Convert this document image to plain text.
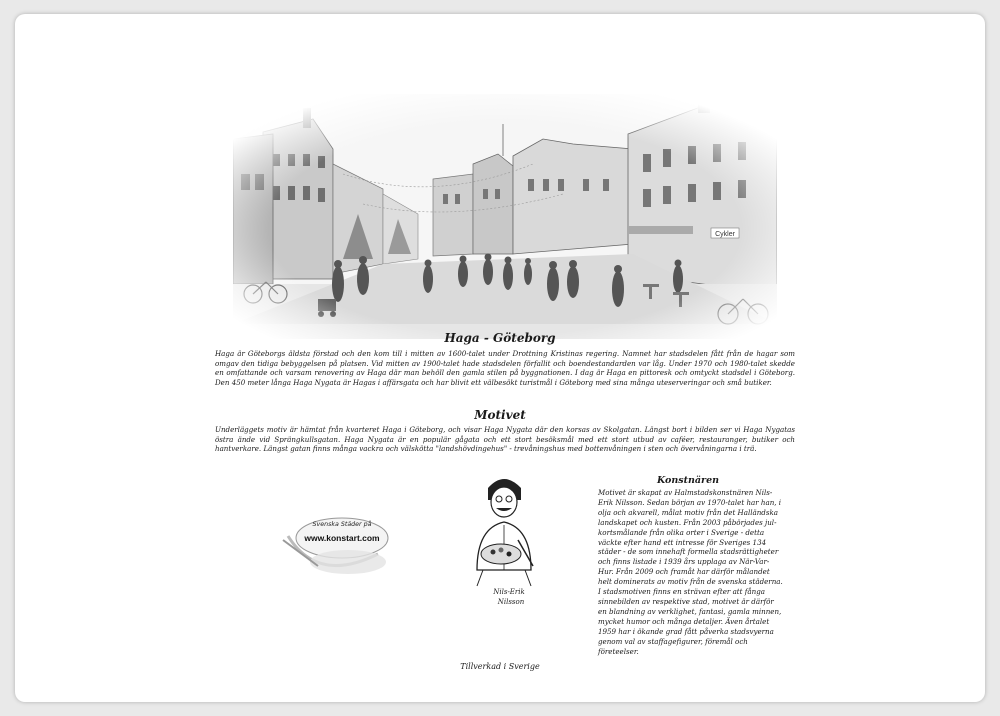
Haga - Göteborg

Haga är Göteborgs äldsta förstad och den kom till i mitten av 1600-talet under Drottning Kristinas regering. Namnet har stadsdelen fått från de hagar som omgav den tidiga bebyggelsen på platsen. Vid mitten av 1900-talet hade stadsdelen förfallit och boendestandarden var låg. Under 1970 och 1980-talet skedde en omfattande och varsam renovering av Haga där man behöll den gamla stilen på byggnationen. I dag är Haga en pittoresk och omtyckt stadsdel i Göteborg. Den 450 meter långa Haga Nygata är Hagas i affärsgata och har blivit ett välbesökt turistmål i Göteborg med sina många uteserveringar och små butiker.

Motivet

Underläggets motiv är hämtat från kvarteret Haga i Göteborg, och visar Haga Nygata där den korsas av Skolgatan. Längst bort i bilden ser vi Haga Nygatas östra ände vid Sprängkullsgatan. Haga Nygata är en populär gågata och ett stort besöksmål med ett stort utbud av caféer, restauranger, butiker och hantverkare. Längst gatan finns många vackra och välskötta "landshövdingehus" - trevåningshus med bottenvåningen i sten och övervåningarna i trä.

Svenska Städer på
www.konstart.com
Nils-Erik
Nilsson
Konstnären

Motivet är skapat av Halmstadskonstnären Nils-Erik Nilsson. Sedan början av 1970-talet har han, i olja och akvarell, målat motiv från det Halländska landskapet och kusten. Från 2003 påbörjades jul-kortsmålande från olika orter i Sverige - detta väckte efter hand ett intresse för Sveriges 134 städer - de som innehaft formella stadsrättigheter och finns listade i 1939 års upplaga av När-Var-Hur. Från 2009 och framåt har därför målandet helt dominerats av motiv från de svenska städerna. I stadsmotiven finns en strävan efter att fånga sinnebilden av respektive stad, motivet är därför en blandning av verklighet, fantasi, gamla minnen, mycket humor och många detaljer. Även årtalet 1959 har i ökande grad fått påverka stadsvyerna genom val av staffagefigurer, föremål och företeelser.

Tillverkad i Sverige
